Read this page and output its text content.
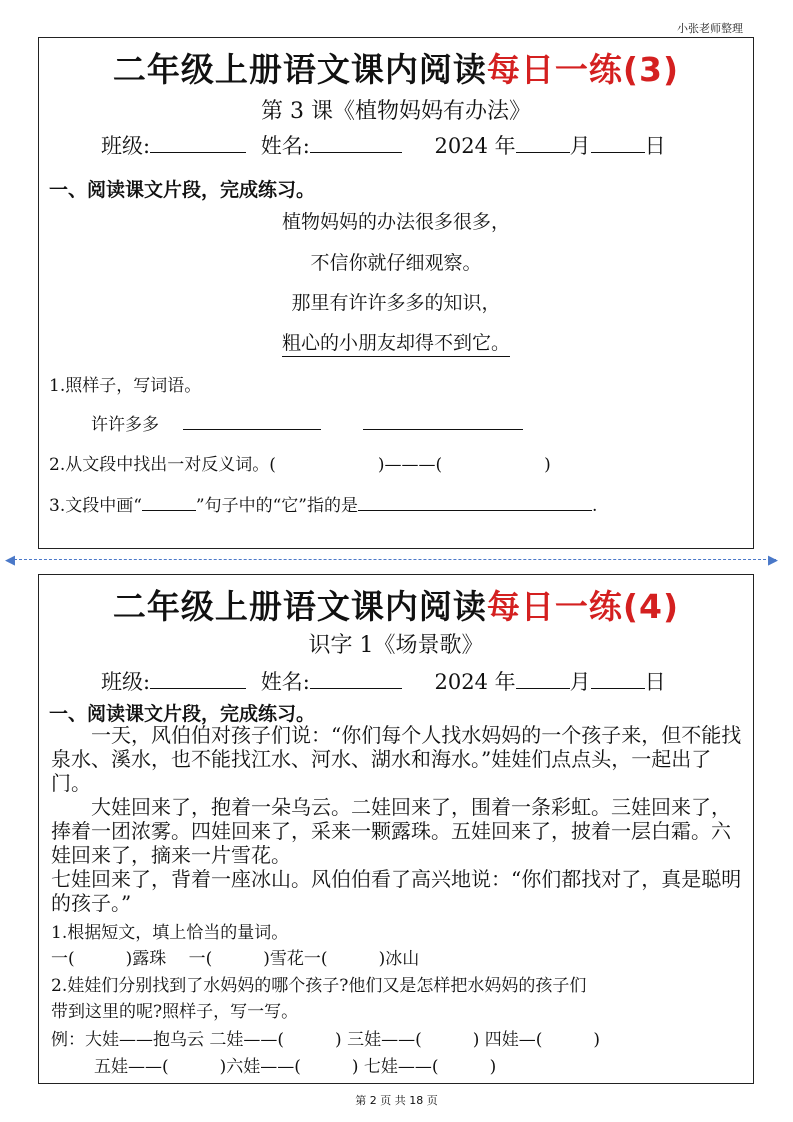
小张老师整理
二年级上册语文课内阅读每日一练(3)
第 3 课《植物妈妈有办法》
班级:	姓名:	2024 年	月	日
一、阅读课文片段，完成练习。
植物妈妈的办法很多很多，
不信你就仔细观察。
那里有许许多多的知识，
粗心的小朋友却得不到它。
1.照样子，写词语。
许许多多
2.从文段中找出一对反义词。(	)———(	)
3.文段中画“	”句子中的“它”指的是	.
◀	▶
二年级上册语文课内阅读每日一练(4)
识字 1《场景歌》
班级:	姓名:	2024 年	月	日
一、阅读课文片段，完成练习。
一天，风伯伯对孩子们说：“你们每个人找水妈妈的一个孩子来，但不能找泉水、溪水，也不能找江水、河水、湖水和海水。”娃娃们点点头，一起出了门。
大娃回来了，抱着一朵乌云。二娃回来了，围着一条彩虹。三娃回来了，捧着一团浓雾。四娃回来了，采来一颗露珠。五娃回来了，披着一层白霜。六娃回来了，摘来一片雪花。
七娃回来了，背着一座冰山。风伯伯看了高兴地说：“你们都找对了，真是聪明的孩子。”
1.根据短文，填上恰当的量词。
一(　　　)露珠　 一(　　　)雪花一(　　　)冰山
2.娃娃们分别找到了水妈妈的哪个孩子?他们又是怎样把水妈妈的孩子们
带到这里的呢?照样子，写一写。
例：大娃——抱乌云 二娃——(　　　) 三娃——(　　　) 四娃—(　　　)
五娃——(　　　)六娃——(　　　) 七娃——(　　　)
第 2 页 共 18 页
